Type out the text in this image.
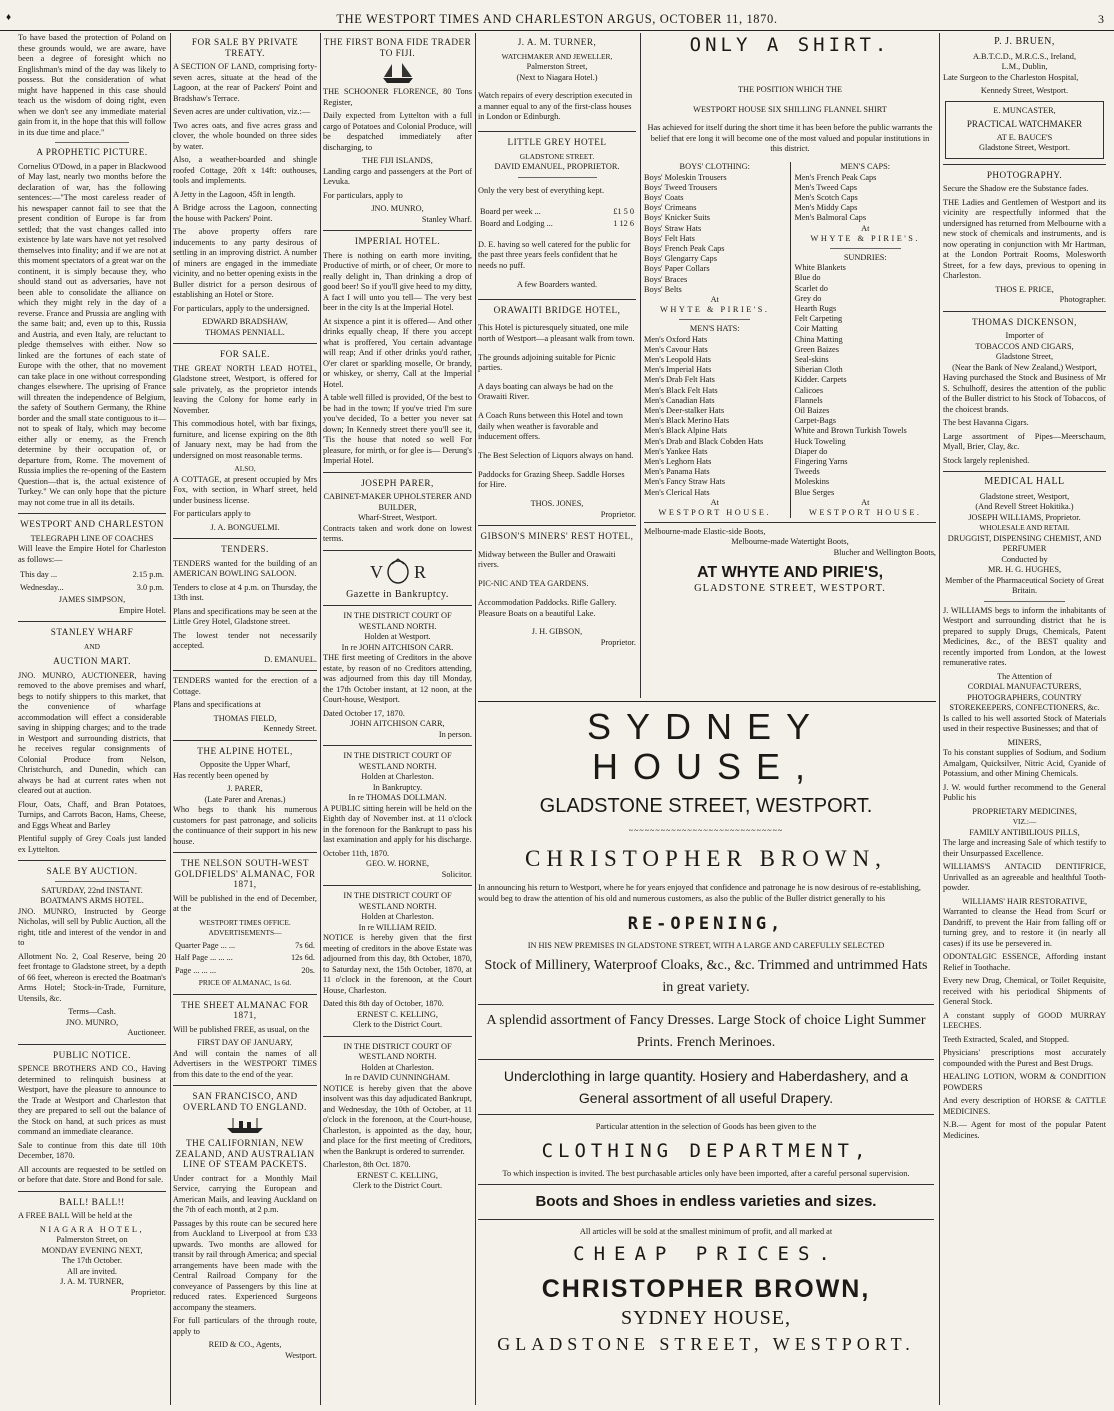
♦	THE WESTPORT TIMES AND CHARLESTON ARGUS, OCTOBER 11, 1870.	3

To have based the protection of Poland on these grounds would, we are aware, have been a degree of foresight which no Englishman's mind of the day was likely to possess. But the consideration of what might have happened in this case should teach us the wisdom of doing right, even when we don't see any immediate material gain from it, in the hope that this will follow in its due time and place."

A PROPHETIC PICTURE.

Cornelius O'Dowd, in a paper in Blackwood of May last, nearly two months before the declaration of war, has the following sentences:—"The most careless reader of his newspaper cannot fail to see that the present condition of Europe is far from settled; that the vast changes called into existence by late wars have not yet resolved themselves into finality; and if we are not at this moment spectators of a great war on the continent, it is simply because they, who should stand out as adversaries, have not been able to consolidate the alliance on which they might rely in the day of a reverse. France and Prussia are angling with the same bait; and, even up to this, Russia and Austria, and even Italy, are reluctant to pledge themselves with either. Now so linked are the fortunes of each state of Europe with the other, that no movement can take place in one without corresponding changes elsewhere. The uprising of France will threaten the independence of Belgium, the safety of Southern Germany, the Rhine border and the small state contiguous to it—not to speak of Italy, which may become either ally or enemy, as the French determine by their occupation of, or departure from, Rome. The movement of Russia implies the re-opening of the Eastern Question—that is, the actual existence of Turkey." We can only hope that the picture may not come true in all its details.

WESTPORT AND CHARLESTON
TELEGRAPH LINE OF COACHES

Will leave the Empire Hotel for Charleston as follows:—

This day ...	2.15 p.m.
Wednesday...	3.0 p.m.
JAMES SIMPSON,
Empire Hotel.
STANLEY WHARF
AND
AUCTION MART.

JNO. MUNRO, AUCTIONEER, having removed to the above premises and wharf, begs to notify shippers to this market, that the convenience of wharfage accommodation will effect a considerable saving in shipping charges; and to the trade in Westport and surrounding districts, that he receives regular consignments of Colonial Produce from Nelson, Christchurch, and Dunedin, which can always be had at current rates when not cleared out at auction.

Flour, Oats, Chaff, and Bran Potatoes, Turnips, and Carrots Bacon, Hams, Cheese, and Eggs Wheat and Barley

Plentiful supply of Grey Coals just landed ex Lyttelton.

SALE BY AUCTION.
SATURDAY, 22nd INSTANT.
BOATMAN'S ARMS HOTEL.

JNO. MUNRO, Instructed by George Nicholas, will sell by Public Auction, all the right, title and interest of the vendor in and to

Allotment No. 2, Coal Reserve, being 20 feet frontage to Gladstone street, by a depth of 66 feet, whereon is erected the Boatman's Arms Hotel; Stock-in-Trade, Furniture, Utensils, &c.

Terms—Cash.
JNO. MUNRO,
Auctioneer.
PUBLIC NOTICE.

SPENCE BROTHERS AND CO., Having determined to relinquish business at Westport, have the pleasure to announce to the Trade at Westport and Charleston that they are prepared to sell out the balance of the Stock on hand, at such prices as must command an immediate clearance.

Sale to continue from this date till 10th December, 1870.

All accounts are requested to be settled on or before that date. Store and Bond for sale.

BALL! BALL!!

A FREE BALL Will be held at the

NIAGARA HOTEL,
Palmerston Street, on
MONDAY EVENING NEXT,
The 17th October.
All are invited.
J. A. M. TURNER,
Proprietor.
FOR SALE BY PRIVATE TREATY.

A SECTION OF LAND, comprising forty-seven acres, situate at the head of the Lagoon, at the rear of Packers' Point and Bradshaw's Terrace.

Seven acres are under cultivation, viz.:—

Two acres oats, and five acres grass and clover, the whole bounded on three sides by water.

Also, a weather-boarded and shingle roofed Cottage, 20ft x 14ft: outhouses, tools and implements.

A Jetty in the Lagoon, 45ft in length.

A Bridge across the Lagoon, connecting the house with Packers' Point.

The above property offers rare inducements to any party desirous of settling in an improving district. A number of miners are engaged in the immediate vicinity, and no better opening exists in the Buller district for a person desirous of establishing an Hotel or Store.

For particulars, apply to the undersigned.

EDWARD BRADSHAW,
THOMAS PENNIALL.
FOR SALE.

THE GREAT NORTH LEAD HOTEL, Gladstone street, Westport, is offered for sale privately, as the proprietor intends leaving the Colony for home early in November.

This commodious hotel, with bar fixings, furniture, and license expiring on the 8th of January next, may be had from the undersigned on most reasonable terms.

ALSO,

A COTTAGE, at present occupied by Mrs Fox, with section, in Wharf street, held under business license.

For particulars apply to

J. A. BONGUELMI.
TENDERS.

TENDERS wanted for the building of an AMERICAN BOWLING SALOON.

Tenders to close at 4 p.m. on Thursday, the 13th inst.

Plans and specifications may be seen at the Little Grey Hotel, Gladstone street.

The lowest tender not necessarily accepted.

D. EMANUEL.

TENDERS wanted for the erection of a Cottage.

Plans and specifications at

THOMAS FIELD,
Kennedy Street.
THE ALPINE HOTEL,
Opposite the Upper Wharf,

Has recently been opened by

J. PARER,
(Late Parer and Arenas.)

Who begs to thank his numerous customers for past patronage, and solicits the continuance of their support in his new house.

THE NELSON SOUTH-WEST GOLDFIELDS' ALMANAC, FOR 1871,

Will be published in the end of December, at the

WESTPORT TIMES OFFICE.
ADVERTISEMENTS—
Quarter Page ... ...	7s 6d.
Half Page ... ... ...	12s 6d.
Page ... ... ...	20s.
PRICE OF ALMANAC, 1s 6d.
THE SHEET ALMANAC FOR 1871,

Will be published FREE, as usual, on the

FIRST DAY OF JANUARY,

And will contain the names of all Advertisers in the WESTPORT TIMES from this date to the end of the year.

SAN FRANCISCO, AND OVERLAND TO ENGLAND.
THE CALIFORNIAN, NEW ZEALAND, AND AUSTRALIAN LINE OF STEAM PACKETS.

Under contract for a Monthly Mail Service, carrying the European and American Mails, and leaving Auckland on the 7th of each month, at 2 p.m.

Passages by this route can be secured here from Auckland to Liverpool at from £33 upwards. Two months are allowed for transit by rail through America; and special arrangements have been made with the Central Railroad Company for the conveyance of Passengers by this line at reduced rates. Experienced Surgeons accompany the steamers.

For full particulars of the through route, apply to

REID & CO., Agents,
Westport.
THE FIRST BONA FIDE TRADER TO FIJI.

THE SCHOONER FLORENCE, 80 Tons Register,

Daily expected from Lyttelton with a full cargo of Potatoes and Colonial Produce, will be despatched immediately after discharging, to

THE FIJI ISLANDS,

Landing cargo and passengers at the Port of Levuka.

For particulars, apply to

JNO. MUNRO,
Stanley Wharf.
IMPERIAL HOTEL.

There is nothing on earth more inviting, Productive of mirth, or of cheer, Or more to really delight in, Than drinking a drop of good beer! So if you'll give heed to my ditty, A fact I will unto you tell— The very best beer in the city Is at the Imperial Hotel.

At sixpence a pint it is offered— And other drinks equally cheap, If there you accept what is proffered, You certain advantage will reap; And if other drinks you'd rather, O'er claret or sparkling moselle, Or brandy, or whiskey, or sherry, Call at the Imperial Hotel.

A table well filled is provided, Of the best to be had in the town; If you've tried I'm sure you've decided, To a better you never sat down; In Kennedy street there you'll see it, 'Tis the house that noted so well For pleasure, for mirth, or for glee is— Derung's Imperial Hotel.

JOSEPH PARER,
CABINET-MAKER UPHOLSTERER AND BUILDER,
Wharf-Street, Westport.

Contracts taken and work done on lowest terms.

V R
Gazette in Bankruptcy.
IN THE DISTRICT COURT OF WESTLAND NORTH.
Holden at Westport.
In re JOHN AITCHISON CARR.

THE first meeting of Creditors in the above estate, by reason of no Creditors attending, was adjourned from this day till Monday, the 17th October instant, at 12 noon, at the Court-house, Westport.

Dated October 17, 1870.
JOHN AITCHISON CARR,
In person.
IN THE DISTRICT COURT OF WESTLAND NORTH.
Holden at Charleston.
In Bankruptcy.
In re THOMAS DOLLMAN.

A PUBLIC sitting herein will be held on the Eighth day of November inst. at 11 o'clock in the forenoon for the Bankrupt to pass his last examination and apply for his discharge.

October 11th, 1870.
GEO. W. HORNE,
Solicitor.
IN THE DISTRICT COURT OF WESTLAND NORTH.
Holden at Charleston.
In re WILLIAM REID.

NOTICE is hereby given that the first meeting of creditors in the above Estate was adjourned from this day, 8th October, 1870, to Saturday next, the 15th October, 1870, at 11 o'clock in the forenoon, at the Court House, Charleston.

Dated this 8th day of October, 1870.
ERNEST C. KELLING,
Clerk to the District Court.
IN THE DISTRICT COURT OF WESTLAND NORTH.
Holden at Charleston.
In re DAVID CUNNINGHAM.

NOTICE is hereby given that the above insolvent was this day adjudicated Bankrupt, and Wednesday, the 10th of October, at 11 o'clock in the forenoon, at the Court-house, Charleston, is appointed as the day, hour, and place for the first meeting of Creditors, when the Bankrupt is ordered to surrender.

Charleston, 8th Oct. 1870.
ERNEST C. KELLING,
Clerk to the District Court.
J. A. M. TURNER,
WATCHMAKER AND JEWELLER,
Palmerston Street,
(Next to Niagara Hotel.)

Watch repairs of every description executed in a manner equal to any of the first-class houses in London or Edinburgh.

LITTLE GREY HOTEL
GLADSTONE STREET.
DAVID EMANUEL, PROPRIETOR.

Only the very best of everything kept.

Board per week ...	£1 5 0
Board and Lodging ...	1 12 6

D. E. having so well catered for the public for the past three years feels confident that he needs no puff.

A few Boarders wanted.

ORAWAITI BRIDGE HOTEL,

This Hotel is picturesquely situated, one mile north of Westport—a pleasant walk from town.

The grounds adjoining suitable for Picnic parties.

A days boating can always be had on the Orawaiti River.

A Coach Runs between this Hotel and town daily when weather is favorable and inducement offers.

The Best Selection of Liquors always on hand.

Paddocks for Grazing Sheep. Saddle Horses for Hire.

THOS. JONES,
Proprietor.
GIBSON'S MINERS' REST HOTEL,

Midway between the Buller and Orawaiti rivers.

PIC-NIC AND TEA GARDENS.

Accommodation Paddocks. Rifle Gallery. Pleasure Boats on a beautiful Lake.

J. H. GIBSON,
Proprietor.
ONLY A SHIRT.
THE POSITION WHICH THE
WESTPORT HOUSE SIX SHILLING FLANNEL SHIRT

Has achieved for itself during the short time it has been before the public warrants the belief that ere long it will become one of the most valued and popular institutions in this district.

BOYS' CLOTHING:
Boys' Moleskin Trousers
Boys' Tweed Trousers
Boys' Coats
Boys' Crimeans
Boys' Knicker Suits
Boys' Straw Hats
Boys' Felt Hats
Boys' French Peak Caps
Boys' Glengarry Caps
Boys' Paper Collars
Boys' Braces
Boys' Belts
At
WHYTE & PIRIE'S.
MEN'S HATS:
Men's Oxford Hats
Men's Cavour Hats
Men's Leopold Hats
Men's Imperial Hats
Men's Drab Felt Hats
Men's Black Felt Hats
Men's Canadian Hats
Men's Deer-stalker Hats
Men's Black Merino Hats
Men's Black Alpine Hats
Men's Drab and Black Cobden Hats
Men's Yankee Hats
Men's Leghorn Hats
Men's Panama Hats
Men's Fancy Straw Hats
Men's Clerical Hats
At
WESTPORT HOUSE.
MEN'S CAPS:
Men's French Peak Caps
Men's Tweed Caps
Men's Scotch Caps
Men's Middy Caps
Men's Balmoral Caps
At
WHYTE & PIRIE'S.
SUNDRIES:
White Blankets
Blue do
Scarlet do
Grey do
Hearth Rugs
Felt Carpeting
Coir Matting
China Matting
Green Baizes
Seal-skins
Siberian Cloth
Kidder. Carpets
Calicoes
Flannels
Oil Baizes
Carpet-Bags
White and Brown Turkish Towels
Huck Toweling
Diaper do
Fingering Yarns
Tweeds
Moleskins
Blue Serges
At
WESTPORT HOUSE.
Melbourne-made Elastic-side Boots,
Melbourne-made Watertight Boots,
Blucher and Wellington Boots,
AT WHYTE AND PIRIE'S,
GLADSTONE STREET, WESTPORT.
SYDNEY HOUSE,
GLADSTONE STREET, WESTPORT.
~~~~~~~~~~~~~~~~~~~~~~~~~~~~~
CHRISTOPHER BROWN,

In announcing his return to Westport, where he for years enjoyed that confidence and patronage he is now desirous of re-establishing, would beg to draw the attention of his old and numerous customers, as also the public of the Buller district generally to his

RE-OPENING,
IN HIS NEW PREMISES IN GLADSTONE STREET, WITH A LARGE AND CAREFULLY SELECTED
Stock of Millinery, Waterproof Cloaks, &c., &c. Trimmed and untrimmed Hats in great variety.
A splendid assortment of Fancy Dresses. Large Stock of choice Light Summer Prints. French Merinoes.
Underclothing in large quantity. Hosiery and Haberdashery, and a General assortment of all useful Drapery.
Particular attention in the selection of Goods has been given to the
CLOTHING DEPARTMENT,
To which inspection is invited. The best purchasable articles only have been imported, after a careful personal supervision.
Boots and Shoes in endless varieties and sizes.
All articles will be sold at the smallest minimum of profit, and all marked at
CHEAP PRICES.
CHRISTOPHER BROWN,
SYDNEY HOUSE,
GLADSTONE STREET, WESTPORT.
P. J. BRUEN,
A.B.T.C.D., M.R.C.S., Ireland,
L.M., Dublin,

Late Surgeon to the Charleston Hospital,

Kennedy Street, Westport.
E. MUNCASTER,
PRACTICAL WATCHMAKER
AT E. BAUCE'S
Gladstone Street, Westport.
PHOTOGRAPHY.

Secure the Shadow ere the Substance fades.

THE Ladies and Gentlemen of Westport and its vicinity are respectfully informed that the undersigned has returned from Melbourne with a new stock of chemicals and instruments, and is now operating in conjunction with Mr Hartman, at the London Portrait Rooms, Molesworth Street, for a few days, previous to opening in Charleston.

THOS E. PRICE,
Photographer.
THOMAS DICKENSON,
Importer of
TOBACCOS AND CIGARS,
Gladstone Street,
(Near the Bank of New Zealand,) Westport,

Having purchased the Stock and Business of Mr S. Schulhoff, desires the attention of the public of the Buller district to his Stock of Tobaccos, of the choicest brands.

The best Havanna Cigars.

Large assortment of Pipes—Meerschaum, Myall, Brier, Clay, &c.

Stock largely replenished.

MEDICAL HALL
Gladstone street, Westport,
(And Revell Street Hokitika.)
JOSEPH WILLIAMS, Proprietor.
WHOLESALE AND RETAIL
DRUGGIST, DISPENSING CHEMIST, AND PERFUMER
Conducted by
MR. H. G. HUGHES,
Member of the Pharmaceutical Society of Great Britain.

J. WILLIAMS begs to inform the inhabitants of Westport and surrounding district that he is prepared to supply Drugs, Chemicals, Patent Medicines, &c., of the BEST quality and recently imported from London, at the lowest remunerative rates.

The Attention of
CORDIAL MANUFACTURERS, PHOTOGRAPHERS, COUNTRY STOREKEEPERS, CONFECTIONERS, &c.

Is called to his well assorted Stock of Materials used in their respective Businesses; and that of

MINERS,

To his constant supplies of Sodium, and Sodium Amalgam, Quicksilver, Nitric Acid, Cyanide of Potassium, and other Mining Chemicals.

J. W. would further recommend to the General Public his

PROPRIETARY MEDICINES,
VIZ.:—
FAMILY ANTIBILIOUS PILLS,

The large and increasing Sale of which testify to their Unsurpassed Excellence.

WILLIAMS'S ANTACID DENTIFRICE, Unrivalled as an agreeable and healthful Tooth-powder.

WILLIAMS' HAIR RESTORATIVE,

Warranted to cleanse the Head from Scurf or Dandriff, to prevent the Hair from falling off or turning grey, and to restore it (in nearly all cases) if its use be persevered in.

ODONTALGIC ESSENCE, Affording instant Relief in Toothache.

Every new Drug, Chemical, or Toilet Requisite, received with his periodical Shipments of General Stock.

A constant supply of GOOD MURRAY LEECHES.

Teeth Extracted, Scaled, and Stopped.

Physicians' prescriptions most accurately compounded with the Purest and Best Drugs.

HEALING LOTION, WORM & CONDITION POWDERS

And every description of HORSE & CATTLE MEDICINES.

N.B.— Agent for most of the popular Patent Medicines.
